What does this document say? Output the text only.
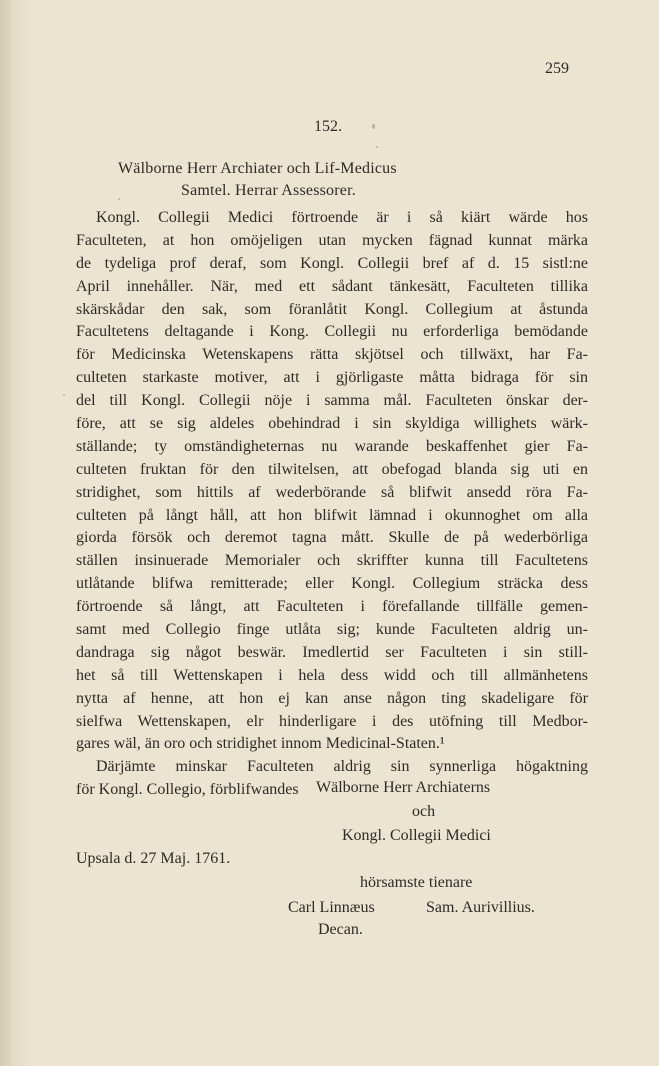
259
152.
Wälborne Herr Archiater och Lif-Medicus
Samtel. Herrar Assessorer.
Kongl. Collegii Medici förtroende är i så kiärt wärde hos
Faculteten, at hon omöjeligen utan mycken fägnad kunnat märka
de tydeliga prof deraf, som Kongl. Collegii bref af d. 15 sistl:ne
April innehåller. När, med ett sådant tänkesätt, Faculteten tillika
skärskådar den sak, som föranlåtit Kongl. Collegium at åstunda
Facultetens deltagande i Kong. Collegii nu erforderliga bemödande
för Medicinska Wetenskapens rätta skjötsel och tillwäxt, har Fa-
culteten starkaste motiver, att i gjörligaste måtta bidraga för sin
del till Kongl. Collegii nöje i samma mål. Faculteten önskar der-
före, att se sig aldeles obehindrad i sin skyldiga willighets wärk-
ställande; ty omständigheternas nu warande beskaffenhet gier Fa-
culteten fruktan för den tilwitelsen, att obefogad blanda sig uti en
stridighet, som hittils af wederbörande så blifwit ansedd röra Fa-
culteten på långt håll, att hon blifwit lämnad i okunnoghet om alla
giorda försök och deremot tagna mått. Skulle de på wederbörliga
ställen insinuerade Memorialer och skriffter kunna till Facultetens
utlåtande blifwa remitterade; eller Kongl. Collegium sträcka dess
förtroende så långt, att Faculteten i förefallande tillfälle gemen-
samt med Collegio finge utlåta sig; kunde Faculteten aldrig un-
dandraga sig något beswär. Imedlertid ser Faculteten i sin still-
het så till Wettenskapen i hela dess widd och till allmänhetens
nytta af henne, att hon ej kan anse någon ting skadeligare för
sielfwa Wettenskapen, elr hinderligare i des utöfning till Medbor-
gares wäl, än oro och stridighet innom Medicinal-Staten.¹
Därjämte minskar Faculteten aldrig sin synnerliga högaktning
för Kongl. Collegio, förblifwandes	Wälborne Herr Archiaterns
och
Kongl. Collegii Medici
Upsala d. 27 Maj. 1761.
hörsamste tienare
Carl Linnæus	Sam. Aurivillius.
Decan.
